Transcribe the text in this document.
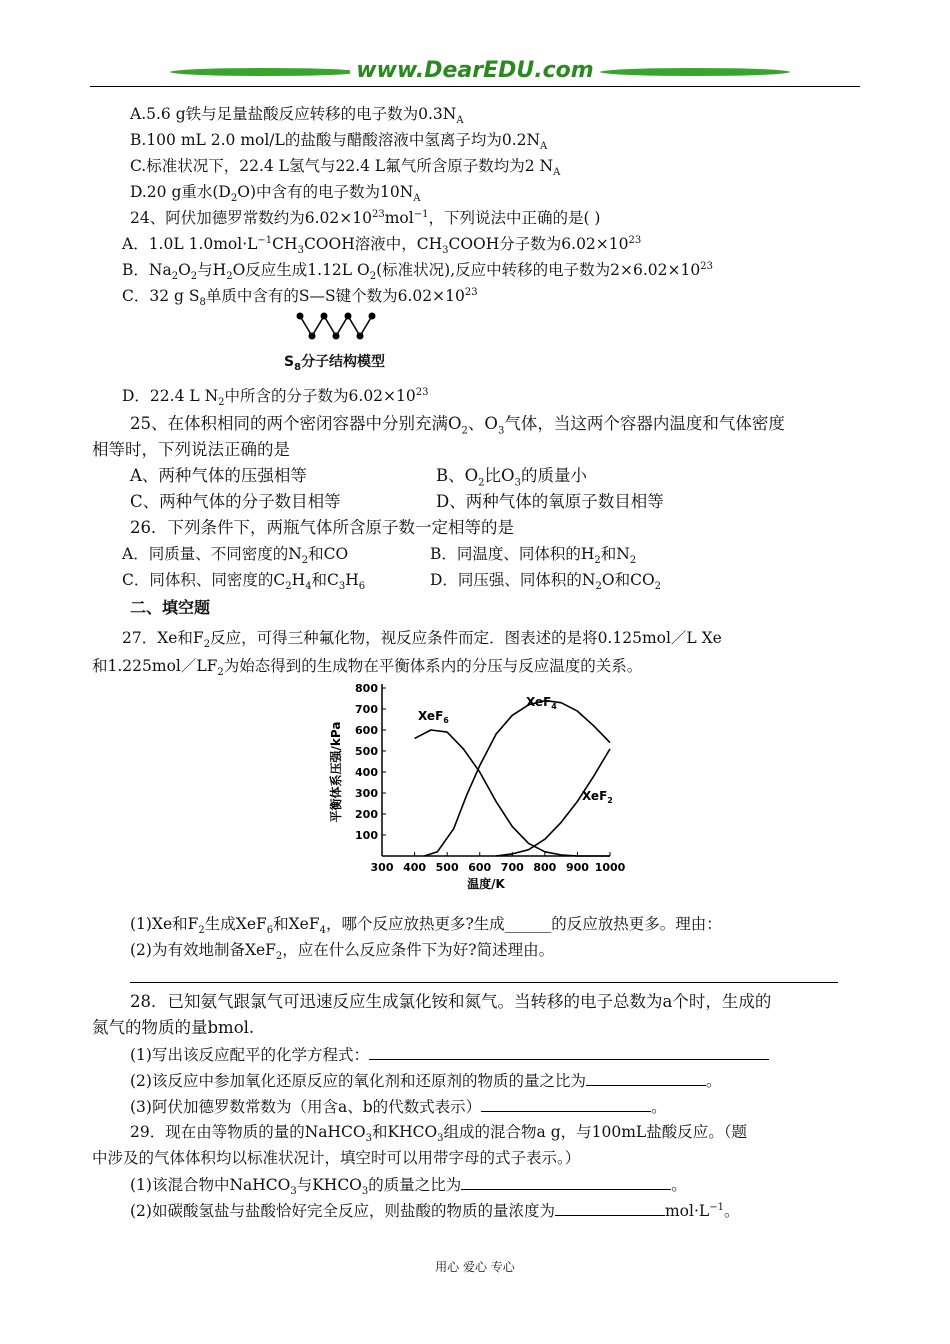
www.DearEDU.com
A.5.6 g铁与足量盐酸反应转移的电子数为$0.3N_A$
B.100 mL 2.0 mol/L的盐酸与醋酸溶液中氢离子均为$0.2N_A$
C.标准状况下，22.4 L氢气与22.4 L氟气所含原子数均为2 $N_A$
D.20 g重水$(D_2O)$中含有的电子数为$10N_A$
24、阿伏加德罗常数约为$6.02\times 10^{23}mol^{-1}$，下列说法中正确的是( )
A．1.0L $1.0mol\cdot L^{-1}CH_3COOH$溶液中，$CH_3COOH$分子数为$6.02\times 10^{23}$
B．$Na_2O_2$与$H_2O$反应生成1.12L $O_2$(标准状况),反应中转移的电子数为$2\times 6.02\times 10^{23}$
C．32 g $S_8$单质中含有的S—S键个数为$6.02\times 10^{23}$
$S_8$分子结构模型
D．22.4 L $N_2$中所含的分子数为$6.02\times 10^{23}$
25、在体积相同的两个密闭容器中分别充满$O_2$、$O_3$气体，当这两个容器内温度和气体密度
相等时，下列说法正确的是
A、两种气体的压强相等	B、$O_2$比$O_3$的质量小
C、两种气体的分子数目相等	D、两种气体的氧原子数目相等
26．下列条件下，两瓶气体所含原子数一定相等的是
A．同质量、不同密度的$N_2$和CO	B．同温度、同体积的$H_2$和$N_2$
C．同体积、同密度的$C_2H_4$和$C_3H_6$	D．同压强、同体积的$N_2O$和$CO_2$
二、填空题
27．Xe和$F_2$反应，可得三种氟化物，视反应条件而定．图表述的是将0.125mol／L Xe
和$1.225mol/LF_2$为始态得到的生成物在平衡体系内的分压与反应温度的关系。
100
200
300
400
500
600
700
800
300 400 500 600 700 800 900 1000
XeF$_6$
XeF$_4$
XeF$_2$
平衡体系压强/kPa
温度/K
(1)Xe和$F_2$生成XeF$_6$和XeF$_4$，哪个反应放热更多?生成______的反应放热更多。理由：
(2)为有效地制备XeF$_2$，应在什么反应条件下为好?简述理由。
28．已知氨气跟氯气可迅速反应生成氯化铵和氮气。当转移的电子总数为a个时，生成的
氮气的物质的量bmol.
(1)写出该反应配平的化学方程式：
(2)该反应中参加氧化还原反应的氧化剂和还原剂的物质的量之比为	。
(3)阿伏加德罗数常数为（用含a、b的代数式表示）	。
29．现在由等物质的量的NaHCO$_3$和$KHCO_3$组成的混合物a g，与100mL盐酸反应。（题
中涉及的气体体积均以标准状况计，填空时可以用带字母的式子表示。）
(1)该混合物中NaHCO$_3$与$KHCO_3$的质量之比为	。
(2)如碳酸氢盐与盐酸恰好完全反应，则盐酸的物质的量浓度为	$mol\cdot L^{-1}$。
用心 爱心 专心
